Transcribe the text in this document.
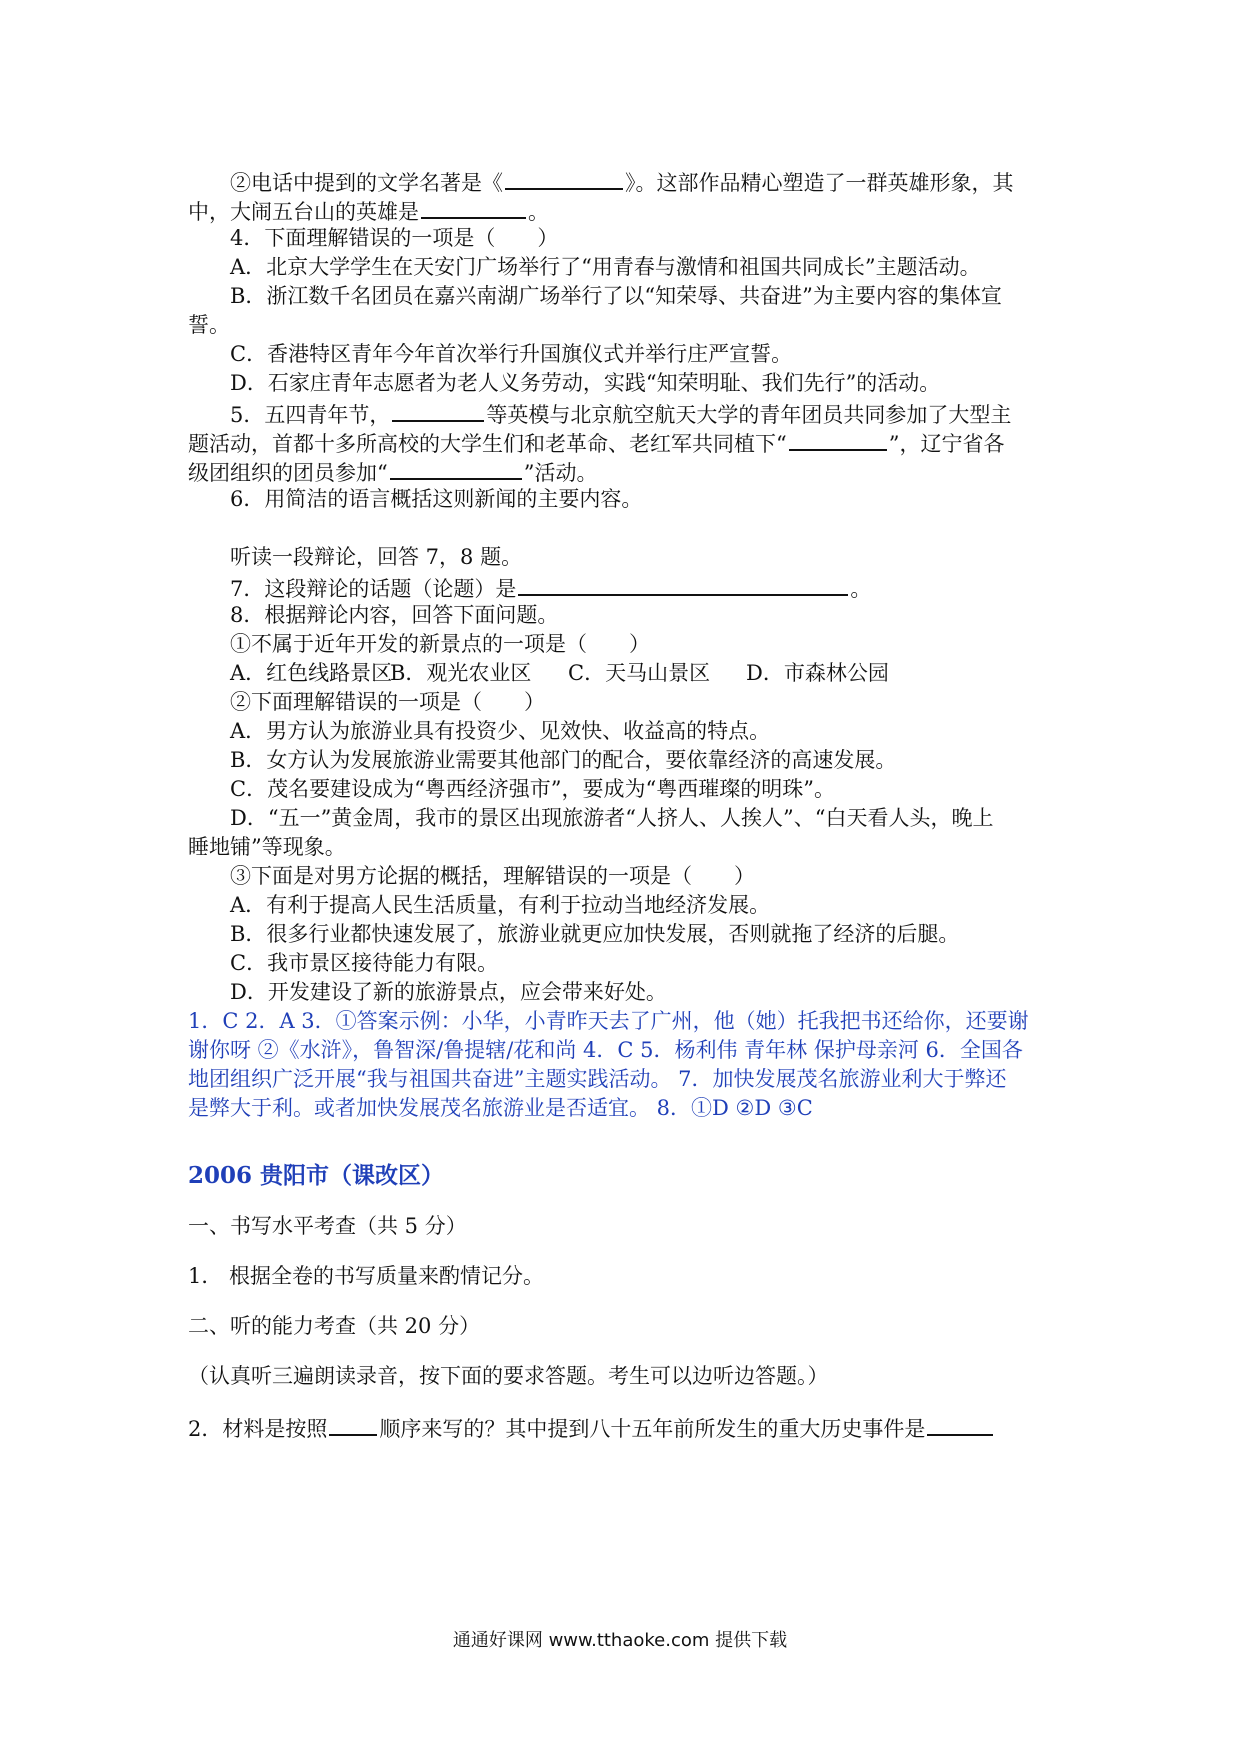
②电话中提到的文学名著是《	》。这部作品精心塑造了一群英雄形象，其
中，大闹五台山的英雄是	。
4．下面理解错误的一项是（　　）
A．北京大学学生在天安门广场举行了“用青春与激情和祖国共同成长”主题活动。
B．浙江数千名团员在嘉兴南湖广场举行了以“知荣辱、共奋进”为主要内容的集体宣
誓。
C．香港特区青年今年首次举行升国旗仪式并举行庄严宣誓。
D．石家庄青年志愿者为老人义务劳动，实践“知荣明耻、我们先行”的活动。
5．五四青年节，	等英模与北京航空航天大学的青年团员共同参加了大型主
题活动，首都十多所高校的大学生们和老革命、老红军共同植下“	”，辽宁省各
级团组织的团员参加“	”活动。
6．用简洁的语言概括这则新闻的主要内容。
听读一段辩论，回答 7，8 题。
7．这段辩论的话题（论题）是	。
8．根据辩论内容，回答下面问题。
①不属于近年开发的新景点的一项是（　　）
A．红色线路景区B．观光农业区 C．天马山景区 D．市森林公园
②下面理解错误的一项是（　　）
A．男方认为旅游业具有投资少、见效快、收益高的特点。
B．女方认为发展旅游业需要其他部门的配合，要依靠经济的高速发展。
C．茂名要建设成为“粤西经济强市”，要成为“粤西璀璨的明珠”。
D．“五一”黄金周，我市的景区出现旅游者“人挤人、人挨人”、“白天看人头，晚上
睡地铺”等现象。
③下面是对男方论据的概括，理解错误的一项是（　　）
A．有利于提高人民生活质量，有利于拉动当地经济发展。
B．很多行业都快速发展了，旅游业就更应加快发展，否则就拖了经济的后腿。
C．我市景区接待能力有限。
D．开发建设了新的旅游景点，应会带来好处。
1．C 2．A 3．①答案示例：小华，小青昨天去了广州，他（她）托我把书还给你，还要谢
谢你呀 ②《水浒》，鲁智深/鲁提辖/花和尚 4．C 5．杨利伟 青年林 保护母亲河 6．全国各
地团组织广泛开展“我与祖国共奋进”主题实践活动。 7．加快发展茂名旅游业利大于弊还
是弊大于利。或者加快发展茂名旅游业是否适宜。 8．①D ②D ③C
2006 贵阳市（课改区）
一、书写水平考查（共 5 分）
1． 根据全卷的书写质量来酌情记分。
二、听的能力考查（共 20 分）
（认真听三遍朗读录音，按下面的要求答题。考生可以边听边答题。）
2．材料是按照 顺序来写的？其中提到八十五年前所发生的重大历史事件是
通通好课网 www.tthaoke.com 提供下载
